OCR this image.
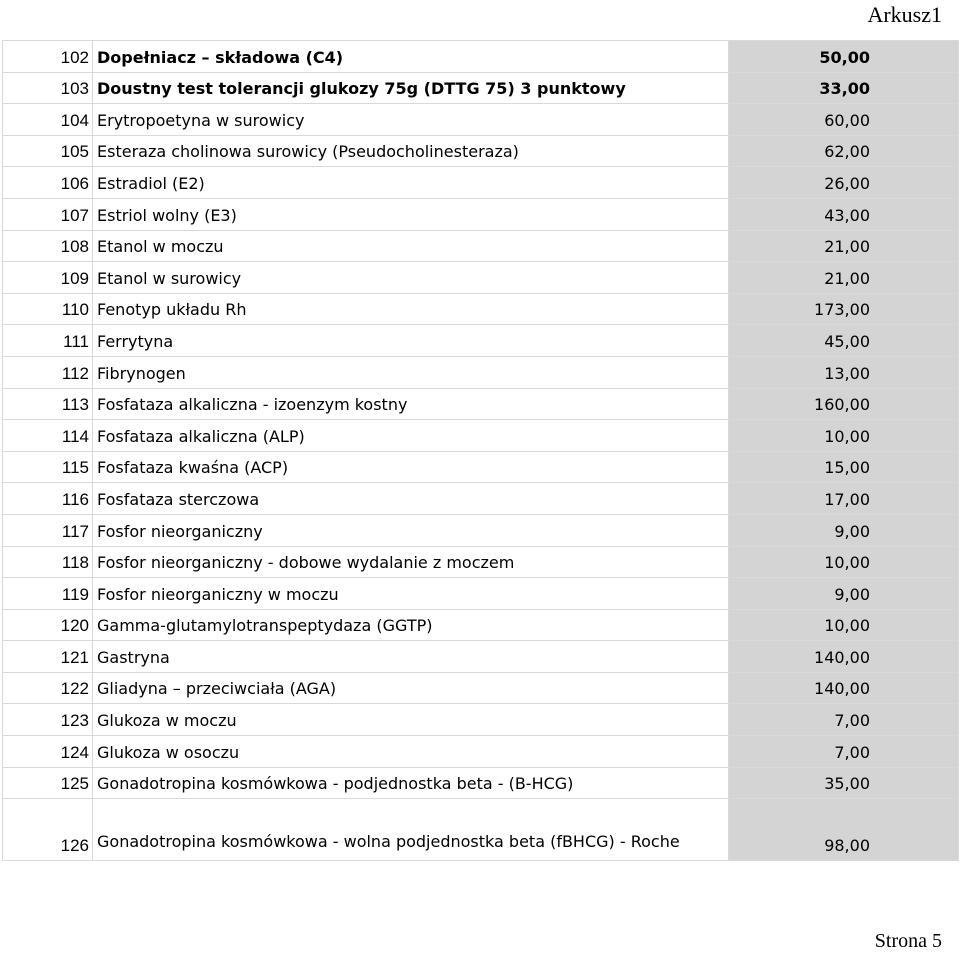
Arkusz1
102	Dopełniacz – składowa (C4)	50,00
103	Doustny test tolerancji glukozy 75g (DTTG 75) 3 punktowy	33,00
104	Erytropoetyna w surowicy	60,00
105	Esteraza cholinowa surowicy (Pseudocholinesteraza)	62,00
106	Estradiol (E2)	26,00
107	Estriol wolny (E3)	43,00
108	Etanol w moczu	21,00
109	Etanol w surowicy	21,00
110	Fenotyp układu Rh	173,00
111	Ferrytyna	45,00
112	Fibrynogen	13,00
113	Fosfataza alkaliczna - izoenzym kostny	160,00
114	Fosfataza alkaliczna (ALP)	10,00
115	Fosfataza kwaśna (ACP)	15,00
116	Fosfataza sterczowa	17,00
117	Fosfor nieorganiczny	9,00
118	Fosfor nieorganiczny - dobowe wydalanie z moczem	10,00
119	Fosfor nieorganiczny w moczu	9,00
120	Gamma-glutamylotranspeptydaza (GGTP)	10,00
121	Gastryna	140,00
122	Gliadyna – przeciwciała (AGA)	140,00
123	Glukoza w moczu	7,00
124	Glukoza w osoczu	7,00
125	Gonadotropina kosmówkowa - podjednostka beta - (B-HCG)	35,00
126	Gonadotropina kosmówkowa - wolna podjednostka beta (fBHCG) - Roche	98,00
Strona 5
